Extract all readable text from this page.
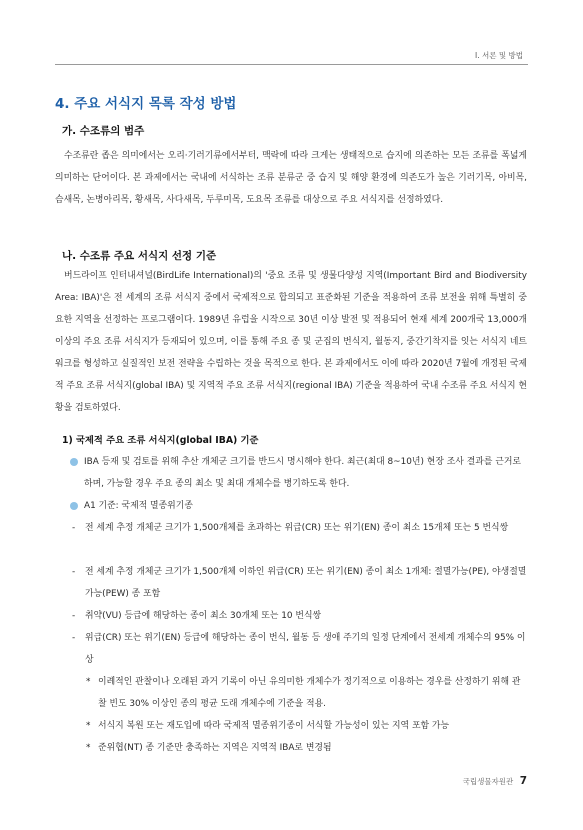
Ⅰ. 서론 및 방법
4. 주요 서식지 목록 작성 방법
가. 수조류의 범주
수조류란 좁은 의미에서는 오리·기러기류에서부터, 맥락에 따라 크게는 생태적으로 습지에 의존하는 모든 조류를 폭넓게 의미하는 단어이다. 본 과제에서는 국내에 서식하는 조류 분류군 중 습지 및 해양 환경에 의존도가 높은 기러기목, 아비목, 슴새목, 논병아리목, 황새목, 사다새목, 두루미목, 도요목 조류를 대상으로 주요 서식지를 선정하였다.
나. 수조류 주요 서식지 선정 기준
버드라이프 인터내셔널(BirdLife International)의 '중요 조류 및 생물다양성 지역(Important Bird and Biodiversity Area: IBA)'은 전 세계의 조류 서식지 중에서 국제적으로 합의되고 표준화된 기준을 적용하여 조류 보전을 위해 특별히 중요한 지역을 선정하는 프로그램이다. 1989년 유럽을 시작으로 30년 이상 발전 및 적용되어 현재 세계 200개국 13,000개 이상의 주요 조류 서식지가 등재되어 있으며, 이를 통해 주요 종 및 군집의 번식지, 월동지, 중간기착지를 잇는 서식지 네트워크를 형성하고 실질적인 보전 전략을 수립하는 것을 목적으로 한다. 본 과제에서도 이에 따라 2020년 7월에 개정된 국제적 주요 조류 서식지(global IBA) 및 지역적 주요 조류 서식지(regional IBA) 기준을 적용하여 국내 수조류 주요 서식지 현황을 검토하였다.
1) 국제적 주요 조류 서식지(global IBA) 기준
IBA 등재 및 검토를 위해 추산 개체군 크기를 반드시 명시해야 한다. 최근(최대 8~10년) 현장 조사 결과를 근거로 하며, 가능할 경우 주요 종의 최소 및 최대 개체수를 병기하도록 한다.
A1 기준: 국제적 멸종위기종
-	전 세계 추정 개체군 크기가 1,500개체를 초과하는 위급(CR) 또는 위기(EN) 종이 최소 15개체 또는 5 번식쌍
-	전 세계 추정 개체군 크기가 1,500개체 이하인 위급(CR) 또는 위기(EN) 종이 최소 1개체: 절멸가능(PE), 야생절멸가능(PEW) 종 포함
-	취약(VU) 등급에 해당하는 종이 최소 30개체 또는 10 번식쌍
-	위급(CR) 또는 위기(EN) 등급에 해당하는 종이 번식, 월동 등 생애 주기의 일정 단계에서 전세계 개체수의 95% 이상
* 이례적인 관찰이나 오래된 과거 기록이 아닌 유의미한 개체수가 정기적으로 이용하는 경우를 산정하기 위해 관찰 빈도 30% 이상인 종의 평균 도래 개체수에 기준을 적용.
* 서식지 복원 또는 재도입에 따라 국제적 멸종위기종이 서식할 가능성이 있는 지역 포함 가능
* 준위협(NT) 종 기준만 충족하는 지역은 지역적 IBA로 변경됨
국립생물자원관 7
